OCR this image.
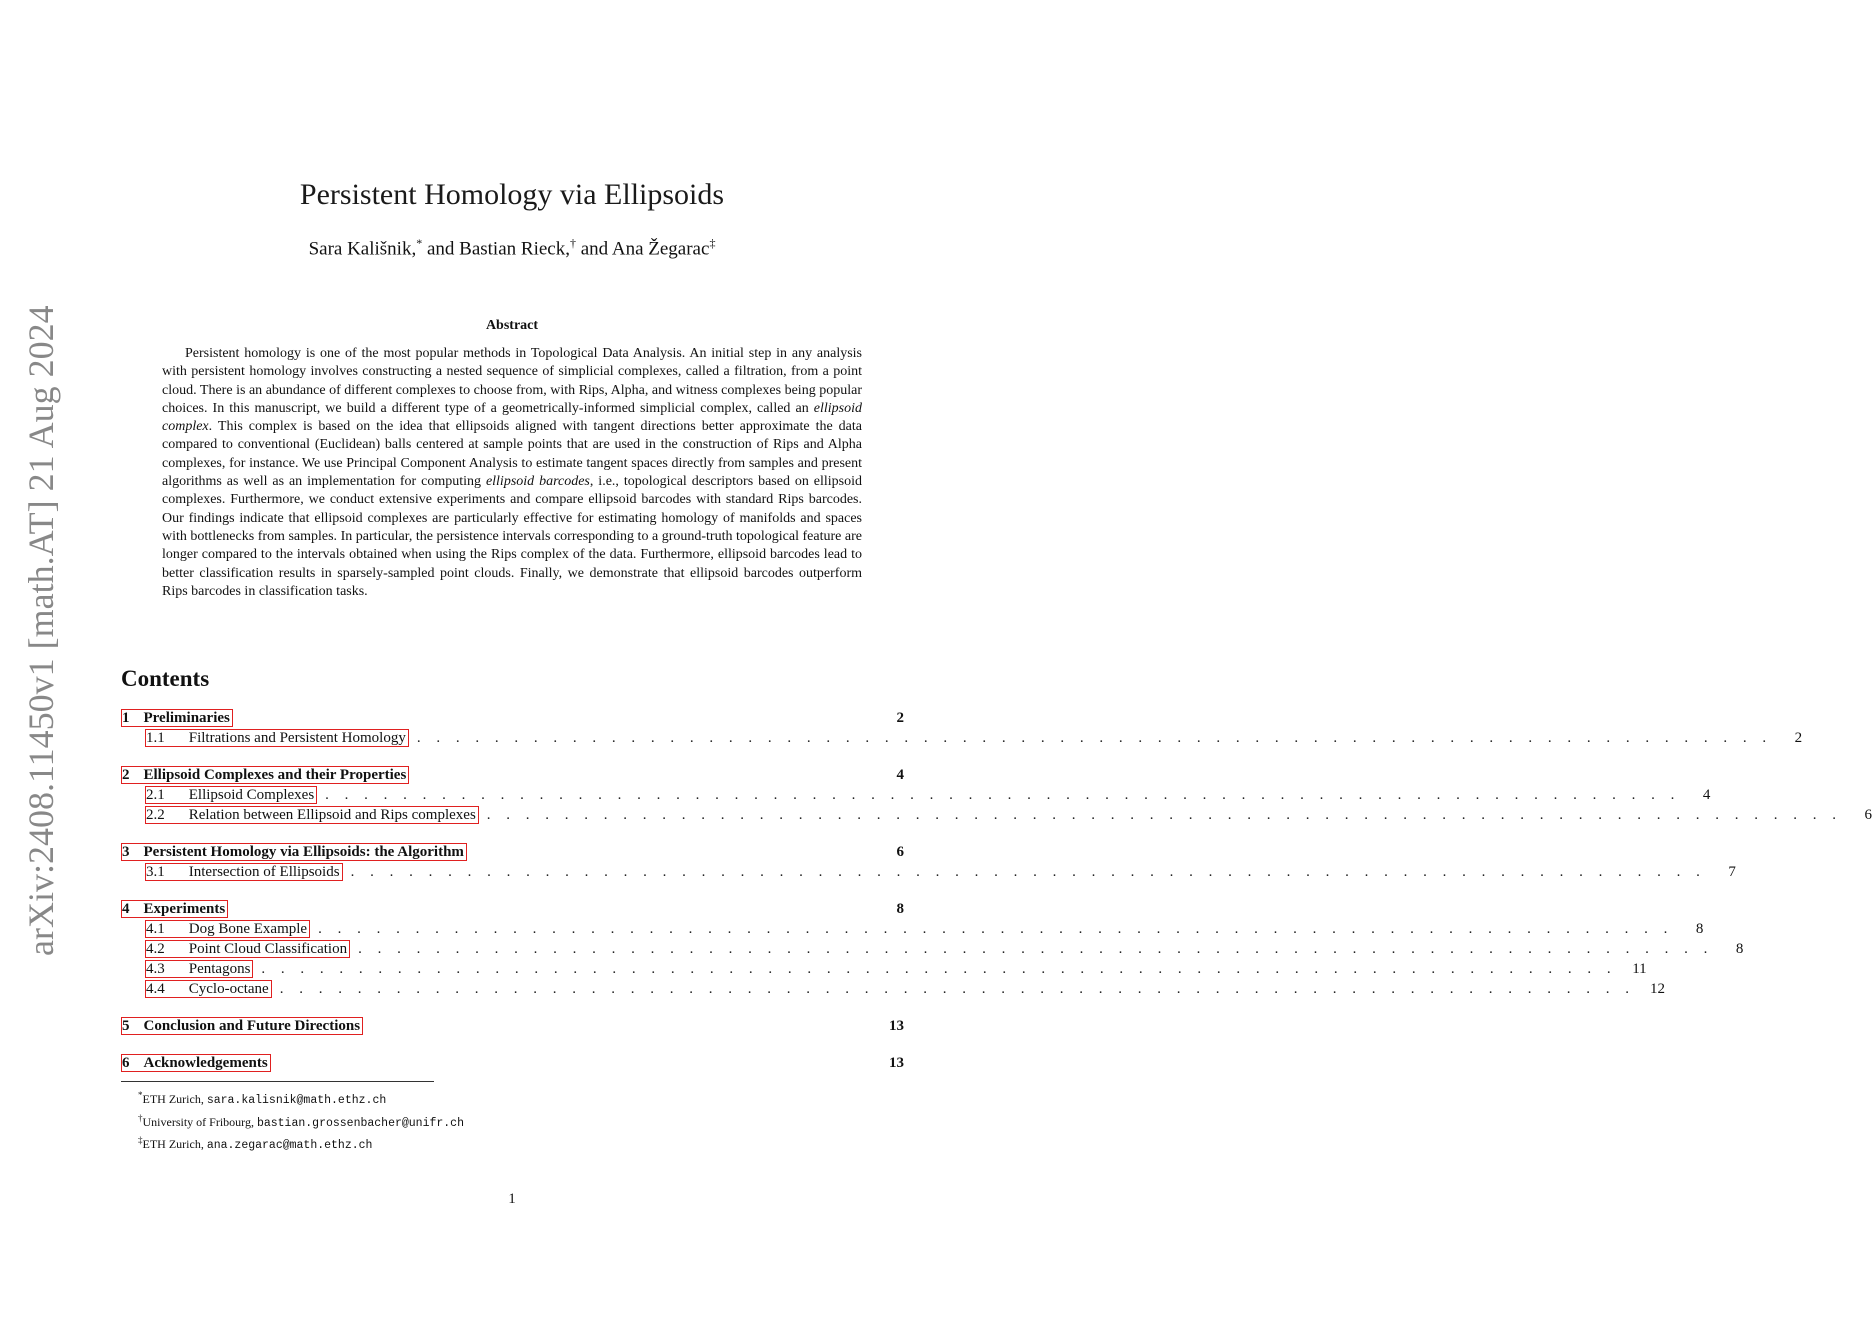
arXiv:2408.11450v1 [math.AT] 21 Aug 2024
Persistent Homology via Ellipsoids
Sara Kališnik,* and Bastian Rieck,† and Ana Žegarac‡
Abstract
Persistent homology is one of the most popular methods in Topological Data Analysis. An initial step in any analysis with persistent homology involves constructing a nested sequence of simplicial complexes, called a filtration, from a point cloud. There is an abundance of different complexes to choose from, with Rips, Alpha, and witness complexes being popular choices. In this manuscript, we build a different type of a geometrically-informed simplicial complex, called an ellipsoid complex. This complex is based on the idea that ellipsoids aligned with tangent directions better approximate the data compared to conventional (Euclidean) balls centered at sample points that are used in the construction of Rips and Alpha complexes, for instance. We use Principal Component Analysis to estimate tangent spaces directly from samples and present algorithms as well as an implementation for computing ellipsoid barcodes, i.e., topological descriptors based on ellipsoid complexes. Furthermore, we conduct extensive experiments and compare ellipsoid barcodes with standard Rips barcodes. Our findings indicate that ellipsoid complexes are particularly effective for estimating homology of manifolds and spaces with bottlenecks from samples. In particular, the persistence intervals corresponding to a ground-truth topological feature are longer compared to the intervals obtained when using the Rips complex of the data. Furthermore, ellipsoid barcodes lead to better classification results in sparsely-sampled point clouds. Finally, we demonstrate that ellipsoid barcodes outperform Rips barcodes in classification tasks.
Contents
1 Preliminaries	2
1.1 Filtrations and Persistent Homology . . . . . . . . . . . . . . . . . . . . . . . . . . . . . . . . . . . . . . . . . . . . . . . . . . . . . . . . . . . . . . . . . . . . . .	2
2 Ellipsoid Complexes and their Properties	4
2.1 Ellipsoid Complexes . . . . . . . . . . . . . . . . . . . . . . . . . . . . . . . . . . . . . . . . . . . . . . . . . . . . . . . . . . . . . . . . . . . . . .	4
2.2 Relation between Ellipsoid and Rips complexes . . . . . . . . . . . . . . . . . . . . . . . . . . . . . . . . . . . . . . . . . . . . . . . . . . . . . . . . . . . . . . . . . . . . . .	6
3 Persistent Homology via Ellipsoids: the Algorithm	6
3.1 Intersection of Ellipsoids . . . . . . . . . . . . . . . . . . . . . . . . . . . . . . . . . . . . . . . . . . . . . . . . . . . . . . . . . . . . . . . . . . . . . .	7
4 Experiments	8
4.1 Dog Bone Example . . . . . . . . . . . . . . . . . . . . . . . . . . . . . . . . . . . . . . . . . . . . . . . . . . . . . . . . . . . . . . . . . . . . . .	8
4.2 Point Cloud Classification . . . . . . . . . . . . . . . . . . . . . . . . . . . . . . . . . . . . . . . . . . . . . . . . . . . . . . . . . . . . . . . . . . . . . .	8
4.3 Pentagons . . . . . . . . . . . . . . . . . . . . . . . . . . . . . . . . . . . . . . . . . . . . . . . . . . . . . . . . . . . . . . . . . . . . . .	11
4.4 Cyclo-octane . . . . . . . . . . . . . . . . . . . . . . . . . . . . . . . . . . . . . . . . . . . . . . . . . . . . . . . . . . . . . . . . . . . . . .	12
5 Conclusion and Future Directions	13
6 Acknowledgements	13
*ETH Zurich, sara.kalisnik@math.ethz.ch
†University of Fribourg, bastian.grossenbacher@unifr.ch
‡ETH Zurich, ana.zegarac@math.ethz.ch
1
